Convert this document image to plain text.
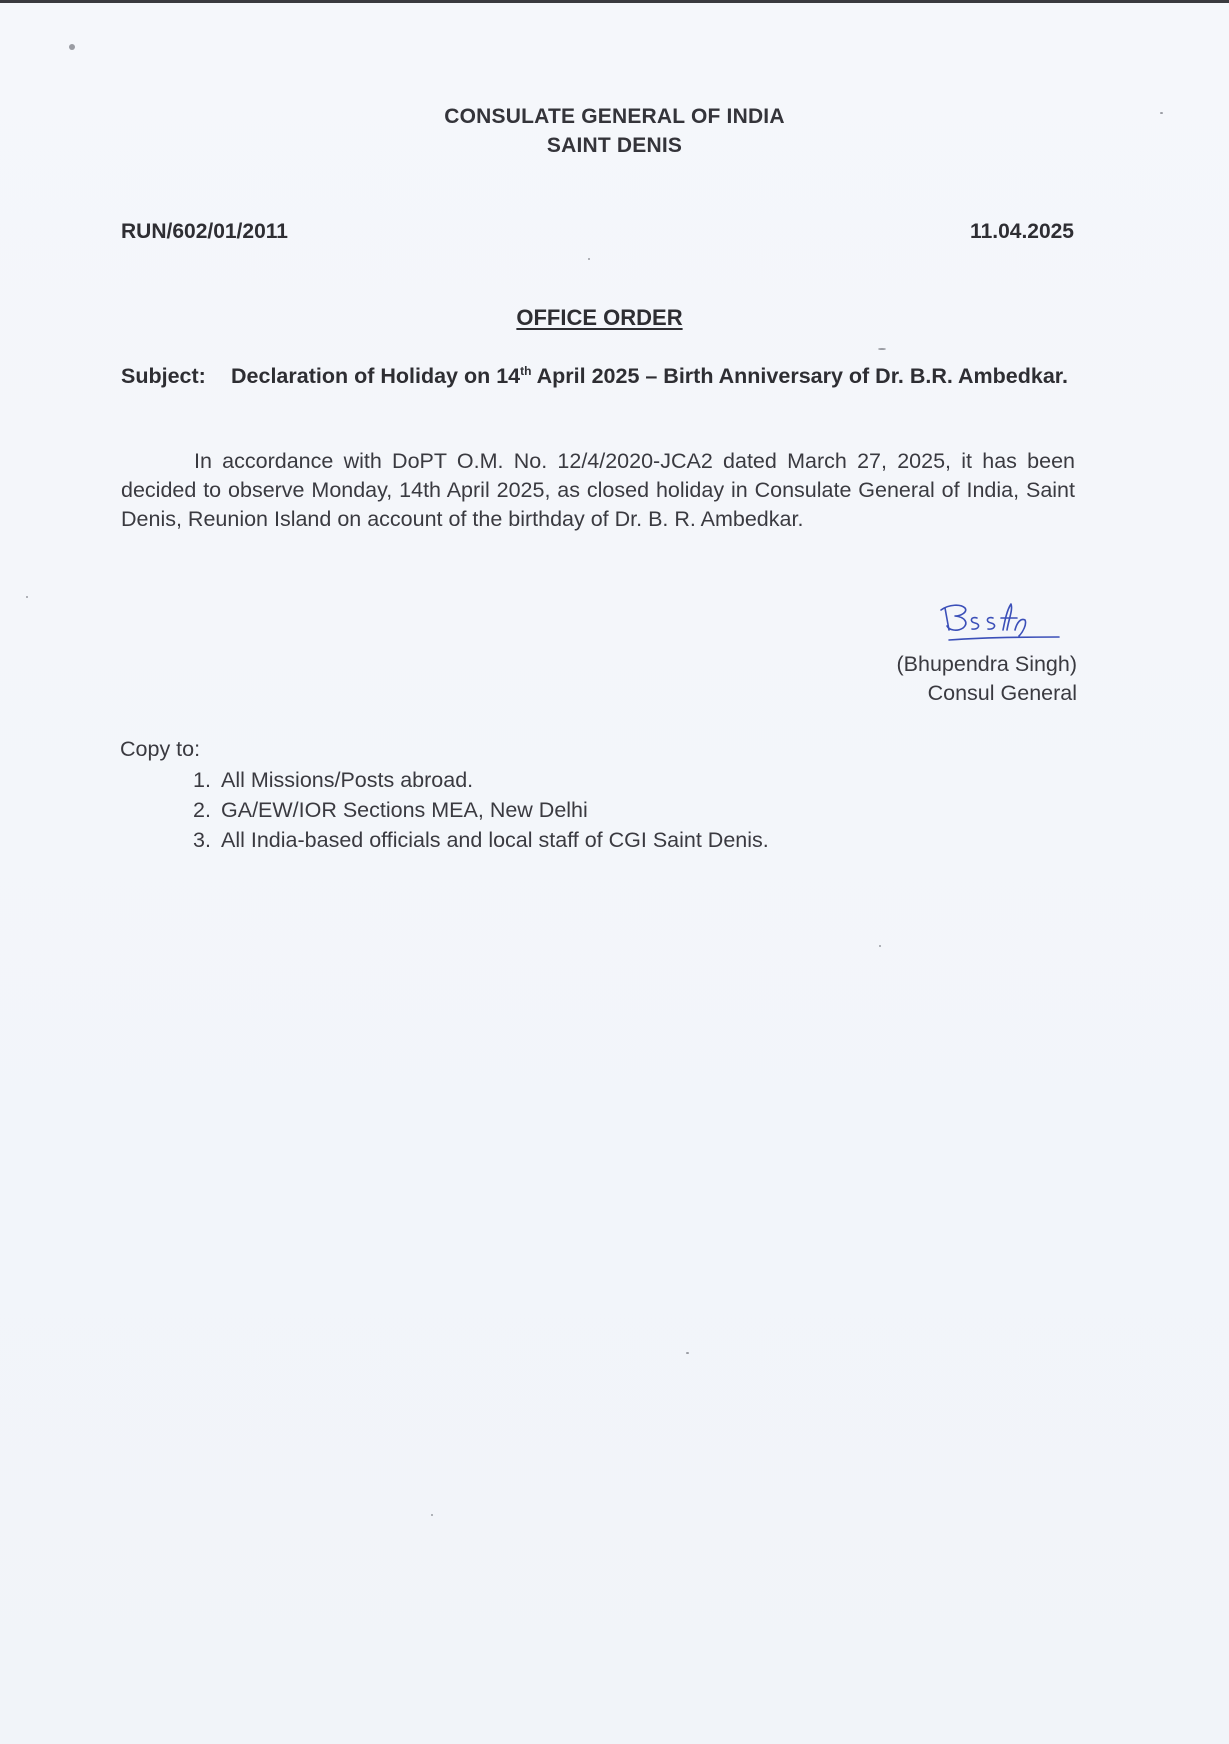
CONSULATE GENERAL OF INDIA
SAINT DENIS
RUN/602/01/2011	11.04.2025
OFFICE ORDER
Subject: Declaration of Holiday on 14th April 2025 – Birth Anniversary of Dr. B.R. Ambedkar.
In accordance with DoPT O.M. No. 12/4/2020-JCA2 dated March 27, 2025, it has been decided to observe Monday, 14th April 2025, as closed holiday in Consulate General of India, Saint Denis, Reunion Island on account of the birthday of Dr. B. R. Ambedkar.
(Bhupendra Singh)
Consul General
Copy to:
1. All Missions/Posts abroad.
2. GA/EW/IOR Sections MEA, New Delhi
3. All India-based officials and local staff of CGI Saint Denis.
